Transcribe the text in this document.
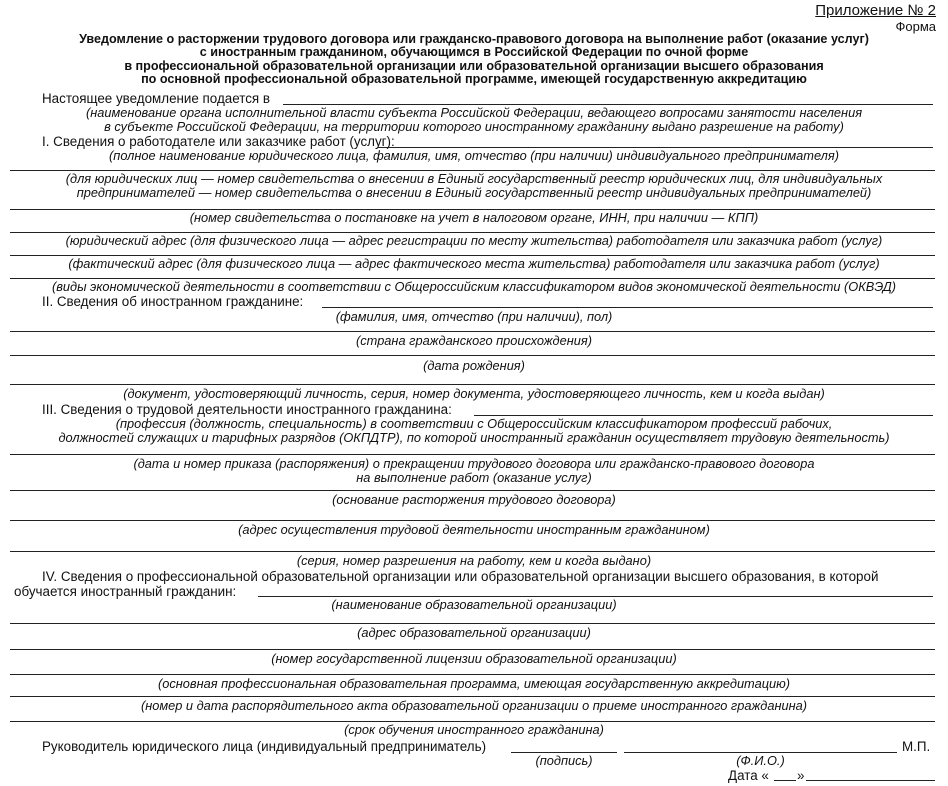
Приложение № 2
Форма
Уведомление о расторжении трудового договора или гражданско-правового договора на выполнение работ (оказание услуг)
с иностранным гражданином, обучающимся в Российской Федерации по очной форме
в профессиональной образовательной организации или образовательной организации высшего образования
по основной профессиональной образовательной программе, имеющей государственную аккредитацию
Настоящее уведомление подается в
(наименование органа исполнительной власти субъекта Российской Федерации, ведающего вопросами занятости населения
в субъекте Российской Федерации, на территории которого иностранному гражданину выдано разрешение на работу)
I. Сведения о работодателе или заказчике работ (услуг):
(полное наименование юридического лица, фамилия, имя, отчество (при наличии) индивидуального предпринимателя)
(для юридических лиц — номер свидетельства о внесении в Единый государственный реестр юридических лиц, для индивидуальных
предпринимателей — номер свидетельства о внесении в Единый государственный реестр индивидуальных предпринимателей)
(номер свидетельства о постановке на учет в налоговом органе, ИНН, при наличии — КПП)
(юридический адрес (для физического лица — адрес регистрации по месту жительства) работодателя или заказчика работ (услуг)
(фактический адрес (для физического лица — адрес фактического места жительства) работодателя или заказчика работ (услуг)
(виды экономической деятельности в соответствии с Общероссийским классификатором видов экономической деятельности (ОКВЭД)
II. Сведения об иностранном гражданине:
(фамилия, имя, отчество (при наличии), пол)
(страна гражданского происхождения)
(дата рождения)
(документ, удостоверяющий личность, серия, номер документа, удостоверяющего личность, кем и когда выдан)
III. Сведения о трудовой деятельности иностранного гражданина:
(профессия (должность, специальность) в соответствии с Общероссийским классификатором профессий рабочих,
должностей служащих и тарифных разрядов (ОКПДТР), по которой иностранный гражданин осуществляет трудовую деятельность)
(дата и номер приказа (распоряжения) о прекращении трудового договора или гражданско-правового договора
на выполнение работ (оказание услуг)
(основание расторжения трудового договора)
(адрес осуществления трудовой деятельности иностранным гражданином)
(серия, номер разрешения на работу, кем и когда выдано)
IV. Сведения о профессиональной образовательной организации или образовательной организации высшего образования, в которой
обучается иностранный гражданин:
(наименование образовательной организации)
(адрес образовательной организации)
(номер государственной лицензии образовательной организации)
(основная профессиональная образовательная программа, имеющая государственную аккредитацию)
(номер и дата распорядительного акта образовательной организации о приеме иностранного гражданина)
(срок обучения иностранного гражданина)
Руководитель юридического лица (индивидуальный предприниматель)	М.П.
(подпись)	(Ф.И.О.)
Дата « »
